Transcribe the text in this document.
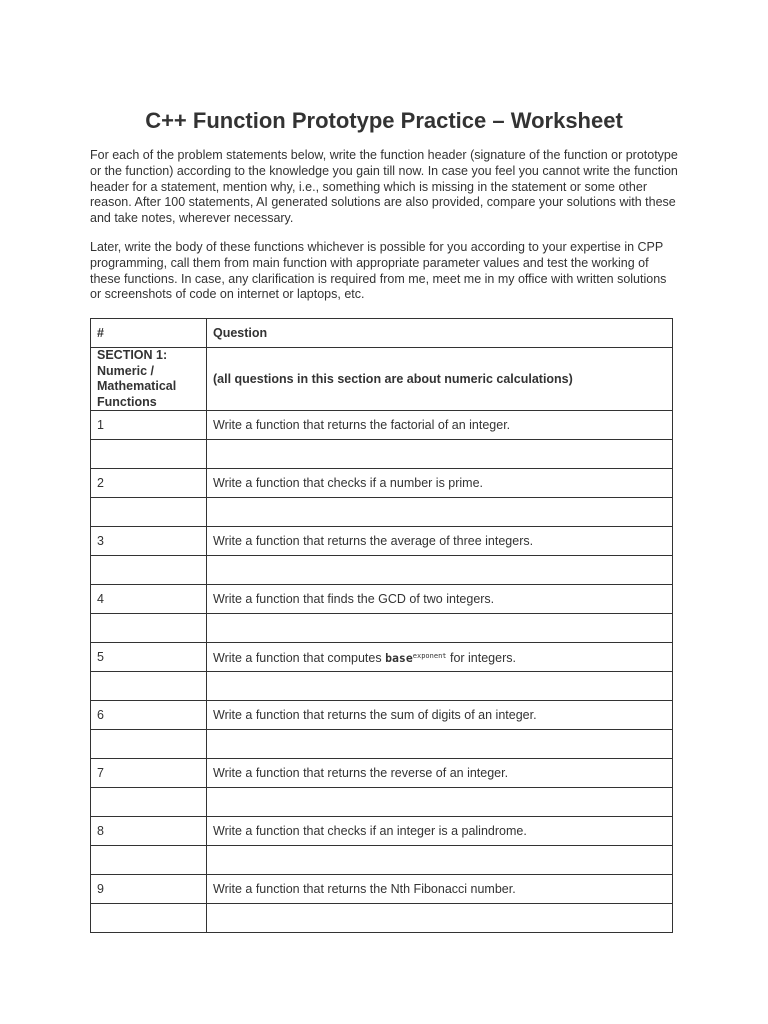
C++ Function Prototype Practice – Worksheet

For each of the problem statements below, write the function header (signature of the function or prototype or the function) according to the knowledge you gain till now. In case you feel you cannot write the function header for a statement, mention why, i.e., something which is missing in the statement or some other reason. After 100 statements, AI generated solutions are also provided, compare your solutions with these and take notes, wherever necessary.

Later, write the body of these functions whichever is possible for you according to your expertise in CPP programming, call them from main function with appropriate parameter values and test the working of these functions. In case, any clarification is required from me, meet me in my office with written solutions or screenshots of code on internet or laptops, etc.

#	Question

SECTION 1:
Numeric /
Mathematical
Functions	(all questions in this section are about numeric calculations)
1	Write a function that returns the factorial of an integer.

2	Write a function that checks if a number is prime.

3	Write a function that returns the average of three integers.

4	Write a function that finds the GCD of two integers.

5	Write a function that computes base$^{exponent}$ for integers.

6	Write a function that returns the sum of digits of an integer.

7	Write a function that returns the reverse of an integer.

8	Write a function that checks if an integer is a palindrome.

9	Write a function that returns the Nth Fibonacci number.
